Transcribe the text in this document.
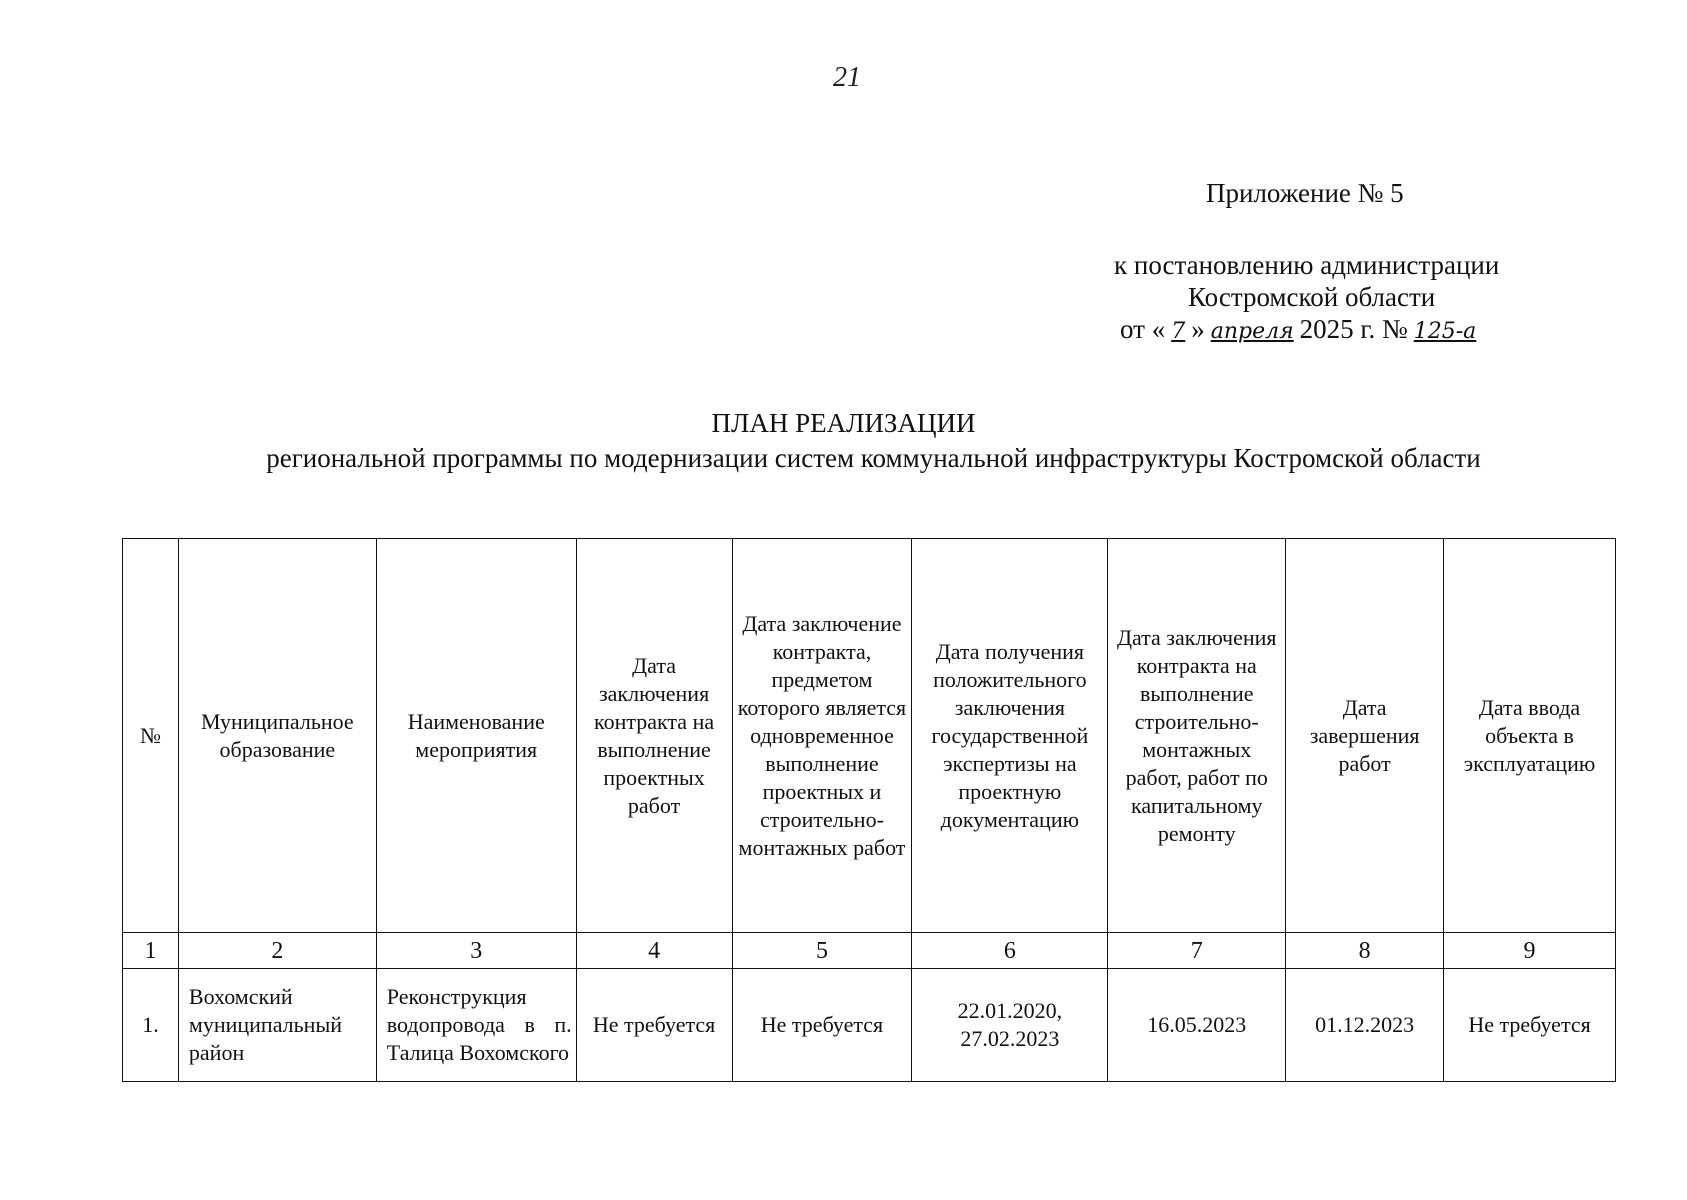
21
Приложение № 5
к постановлению администрации
Костромской области
от « 7 » апреля 2025 г. № 125-а
ПЛАН РЕАЛИЗАЦИИ
региональной программы по модернизации систем коммунальной инфраструктуры Костромской области
№	Муниципальное образование	Наименование мероприятия	Дата заключения контракта на выполнение проектных работ	Дата заключение контракта, предметом которого является одновременное выполнение проектных и строительно-монтажных работ	Дата получения положительного заключения государственной экспертизы на проектную документацию	Дата заключения контракта на выполнение строительно-монтажных работ, работ по капитальному ремонту	Дата завершения работ	Дата ввода объекта в эксплуатацию
1	2	3	4	5	6	7	8	9
1.	Вохомский муниципальный район	Реконструкция водопровода в п. Талица Вохомского	Не требуется	Не требуется	22.01.2020, 27.02.2023	16.05.2023	01.12.2023	Не требуется
